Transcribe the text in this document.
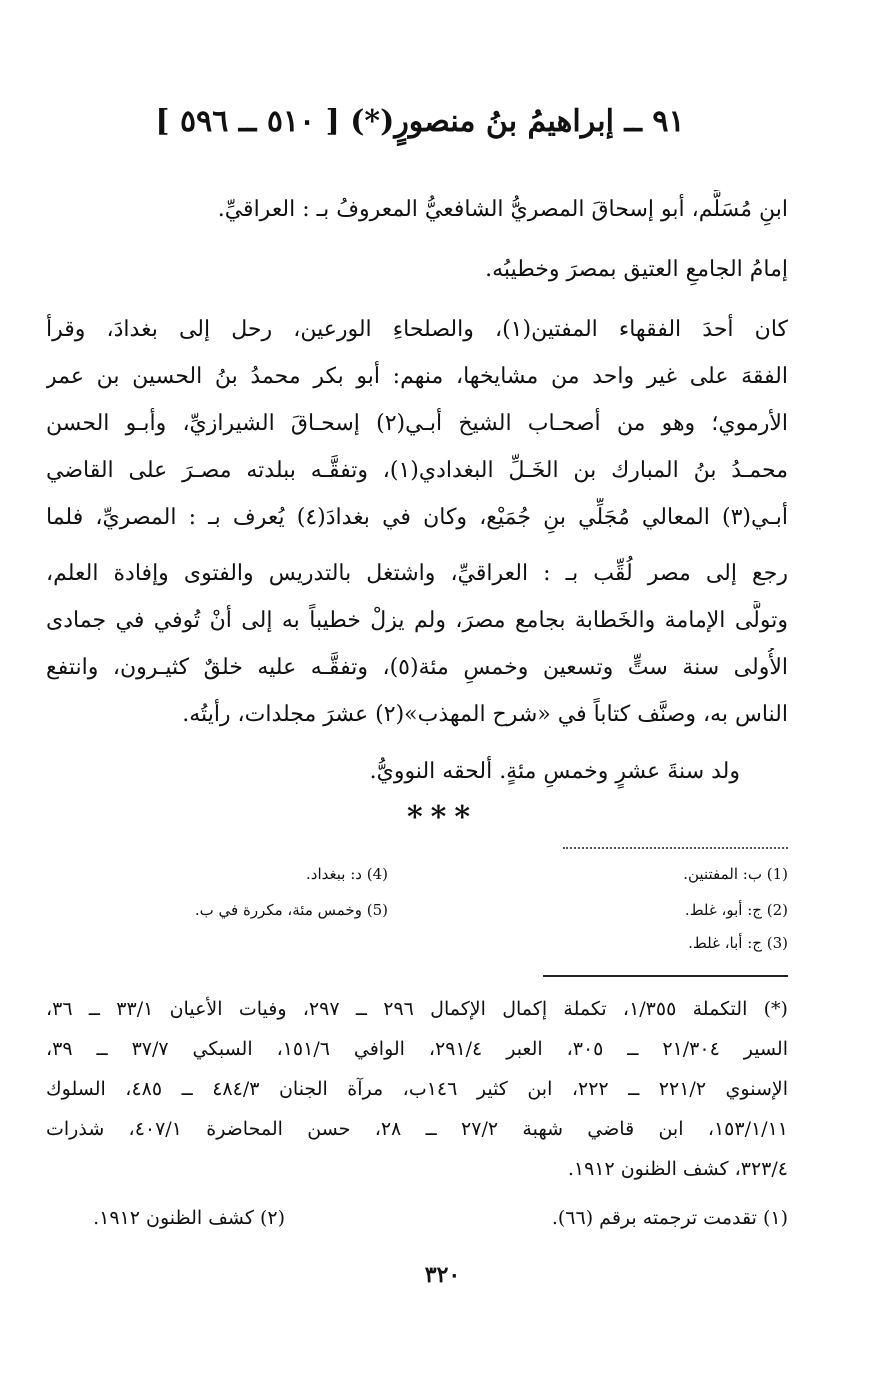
٩١ ــ إبراهيمُ بنُ منصورٍ(*) [ ٥١٠ ــ ٥٩٦ ]
ابنِ مُسَلَّم، أبو إسحاقَ المصريُّ الشافعيُّ المعروفُ بـ : العراقيِّ.
إمامُ الجامعِ العتيق بمصرَ وخطيبُه.
كان أحدَ الفقهاء المفتين(١)، والصلحاءِ الورعين، رحل إلى بغدادَ، وقرأ
الفقهَ على غير واحد من مشايخها، منهم: أبو بكر محمدُ بنُ الحسين بن عمر
الأرموي؛ وهو من أصحـاب الشيخ أبـي(٢) إسحـاقَ الشيرازيِّ، وأبـو الحسن
محمـدُ بنُ المبارك بن الخَـلِّ البغدادي(١)، وتفقَّـه ببلدته مصـرَ على القاضي
أبـي(٣) المعالي مُجَلِّي بنِ جُمَيْع، وكان في بغدادَ(٤) يُعرف بـ : المصريِّ، فلما
رجع إلى مصر لُقِّب بـ : العراقيِّ، واشتغل بالتدريس والفتوى وإفادة العلم،
وتولَّى الإمامة والخَطابة بجامع مصرَ، ولم يزلْ خطيباً به إلى أنْ تُوفي في جمادى
الأُولى سنة ستٍّ وتسعين وخمسِ مئة(٥)، وتفقَّـه عليه خلقٌ كثيـرون، وانتفع
الناس به، وصنَّف كتاباً في «شرح المهذب»(٢) عشرَ مجلدات، رأيتُه.
ولد سنةَ عشرٍ وخمسِ مئةٍ. ألحقه النوويُّ.
***
(1) ب: المفتنين.
(2) ج: أبو، غلط.
(3) ج: أبا، غلط.
(4) د: ببغداد.
(5) وخمس مئة، مكررة في ب.
(*) التكملة ١/٣٥٥، تكملة إكمال الإكمال ٢٩٦ ــ ٢٩٧، وفيات الأعيان ٣٣/١ ــ ٣٦،
السير ٢١/٣٠٤ ــ ٣٠٥، العبر ٢٩١/٤، الوافي ١٥١/٦، السبكي ٣٧/٧ ــ ٣٩،
الإسنوي ٢٢١/٢ ــ ٢٢٢، ابن كثير ١٤٦ب، مرآة الجنان ٤٨٤/٣ ــ ٤٨٥، السلوك
١٥٣/١/١١، ابن قاضي شهبة ٢٧/٢ ــ ٢٨، حسن المحاضرة ٤٠٧/١، شذرات
٣٢٣/٤، كشف الظنون ١٩١٢.
(١) تقدمت ترجمته برقم (٦٦).
(٢) كشف الظنون ١٩١٢.
٣٢٠
